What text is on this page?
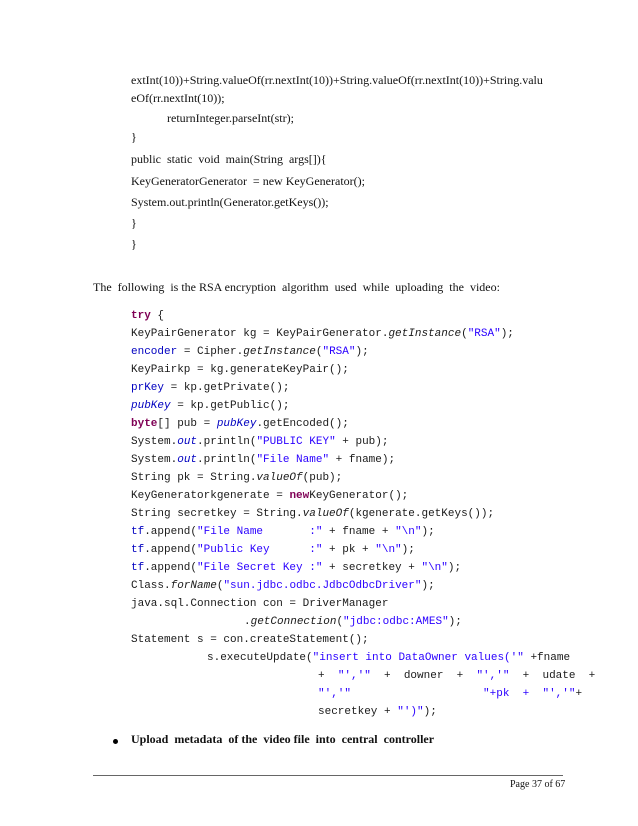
extInt(10))+String.valueOf(rr.nextInt(10))+String.valueOf(rr.nextInt(10))+String.valu
eOf(rr.nextInt(10));
returnInteger.parseInt(str);
}
public  static  void  main(String  args[]){
KeyGeneratorGenerator  = new KeyGenerator();
System.out.println(Generator.getKeys());
}
}
The  following  is the RSA encryption  algorithm  used  while  uploading  the  video:
try {
KeyPairGenerator kg = KeyPairGenerator.getInstance("RSA");
encoder = Cipher.getInstance("RSA");
KeyPairkp = kg.generateKeyPair();
prKey = kp.getPrivate();
pubKey = kp.getPublic();
byte[] pub = pubKey.getEncoded();
System.out.println("PUBLIC KEY" + pub);
System.out.println("File Name" + fname);
String pk = String.valueOf(pub);
KeyGeneratorkgenerate = newKeyGenerator();
String secretkey = String.valueOf(kgenerate.getKeys());
tf.append("File Name       :" + fname + "\n");
tf.append("Public Key      :" + pk + "\n");
tf.append("File Secret Key :" + secretkey + "\n");
Class.forName("sun.jdbc.odbc.JdbcOdbcDriver");
java.sql.Connection con = DriverManager
.getConnection("jdbc:odbc:AMES");
Statement s = con.createStatement();
s.executeUpdate("insert into DataOwner values('" +fname
+  "','"  +  downer  +  "','"  +  udate  +
"','"	"+pk  +  "','"+
secretkey + "')");
Upload  metadata  of the  video file  into  central  controller
Page 37 of 67
